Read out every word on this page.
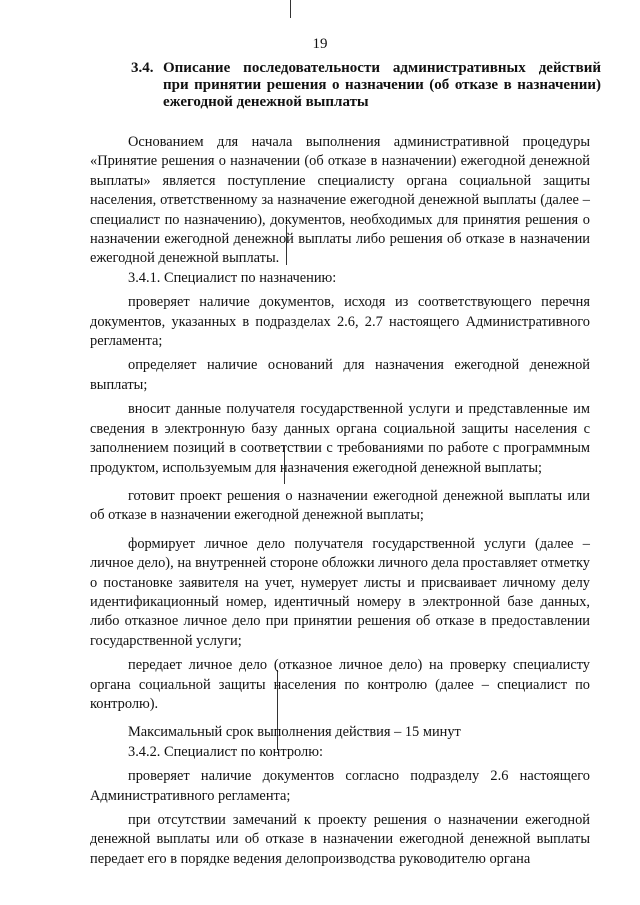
19
3.4. Описание последовательности административных действий при принятии решения о назначении (об отказе в назначении) ежегодной денежной выплаты

Основанием для начала выполнения административной процедуры «Принятие решения о назначении (об отказе в назначении) ежегодной денежной выплаты» является поступление специалисту органа социальной защиты населения, ответственному за назначение ежегодной денежной выплаты (далее – специалист по назначению), документов, необходимых для принятия решения о назначении ежегодной денежной выплаты либо решения об отказе в назначении ежегодной денежной выплаты.

3.4.1. Специалист по назначению:

проверяет наличие документов, исходя из соответствующего перечня документов, указанных в подразделах 2.6, 2.7 настоящего Административного регламента;

определяет наличие оснований для назначения ежегодной денежной выплаты;

вносит данные получателя государственной услуги и представленные им сведения в электронную базу данных органа социальной защиты населения с заполнением позиций в соответствии с требованиями по работе с программным продуктом, используемым для назначения ежегодной денежной выплаты;

готовит проект решения о назначении ежегодной денежной выплаты или об отказе в назначении ежегодной денежной выплаты;

формирует личное дело получателя государственной услуги (далее – личное дело), на внутренней стороне обложки личного дела проставляет отметку о постановке заявителя на учет, нумерует листы и присваивает личному делу идентификационный номер, идентичный номеру в электронной базе данных, либо отказное личное дело при принятии решения об отказе в предоставлении государственной услуги;

передает личное дело (отказное личное дело) на проверку специалисту органа социальной защиты населения по контролю (далее – специалист по контролю).

Максимальный срок выполнения действия – 15 минут

3.4.2. Специалист по контролю:

проверяет наличие документов согласно подразделу 2.6 настоящего Административного регламента;

при отсутствии замечаний к проекту решения о назначении ежегодной денежной выплаты или об отказе в назначении ежегодной денежной выплаты передает его в порядке ведения делопроизводства руководителю органа
